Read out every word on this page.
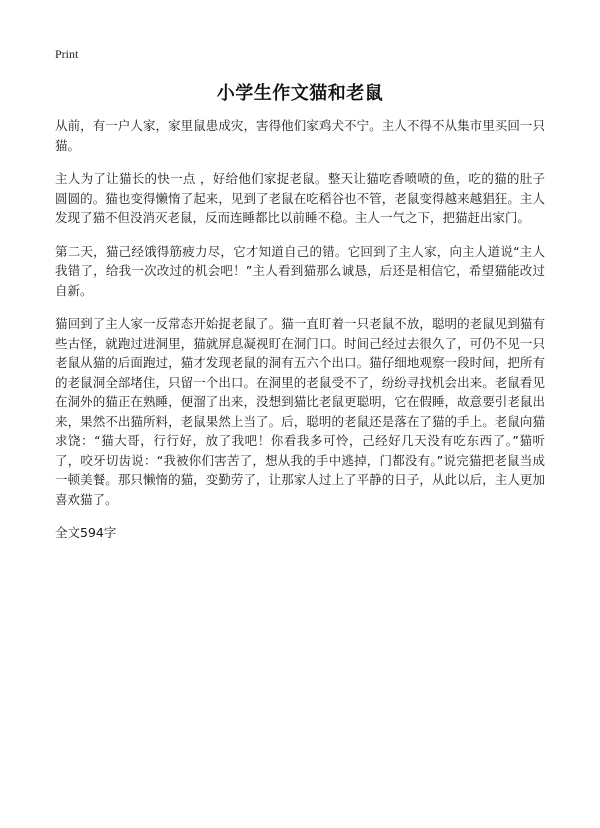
Print
小学生作文猫和老鼠

从前，有一户人家，家里鼠患成灾，害得他们家鸡犬不宁。主人不得不从集市里买回一只猫。

主人为了让猫长的快一点 ，好给他们家捉老鼠。整天让猫吃香喷喷的鱼，吃的猫的肚子圆圆的。猫也变得懒惰了起来，见到了老鼠在吃稻谷也不管，老鼠变得越来越猖狂。主人发现了猫不但没消灭老鼠，反而连睡都比以前睡不稳。主人一气之下，把猫赶出家门。

第二天，猫己经饿得筋疲力尽，它才知道自己的错。它回到了主人家，向主人道说“主人我错了，给我一次改过的机会吧！”主人看到猫那么诚恳，后还是相信它，希望猫能改过自新。

猫回到了主人家一反常态开始捉老鼠了。猫一直盯着一只老鼠不放，聪明的老鼠见到猫有些古怪，就跑过进洞里，猫就屏息凝视盯在洞门口。时间己经过去很久了，可仍不见一只老鼠从猫的后面跑过，猫才发现老鼠的洞有五六个出口。猫仔细地观察一段时间，把所有的老鼠洞全部堵住，只留一个出口。在洞里的老鼠受不了，纷纷寻找机会出来。老鼠看见在洞外的猫正在熟睡，便溜了出来，没想到猫比老鼠更聪明，它在假睡，故意要引老鼠出来，果然不出猫所料，老鼠果然上当了。后，聪明的老鼠还是落在了猫的手上。老鼠向猫求饶：“猫大哥，行行好，放了我吧！你看我多可怜，己经好几天没有吃东西了。”猫听了，咬牙切齿说：“我被你们害苦了，想从我的手中逃掉，门都没有。”说完猫把老鼠当成一顿美餐。那只懒惰的猫，变勤劳了，让那家人过上了平静的日子，从此以后，主人更加喜欢猫了。

全文594字
